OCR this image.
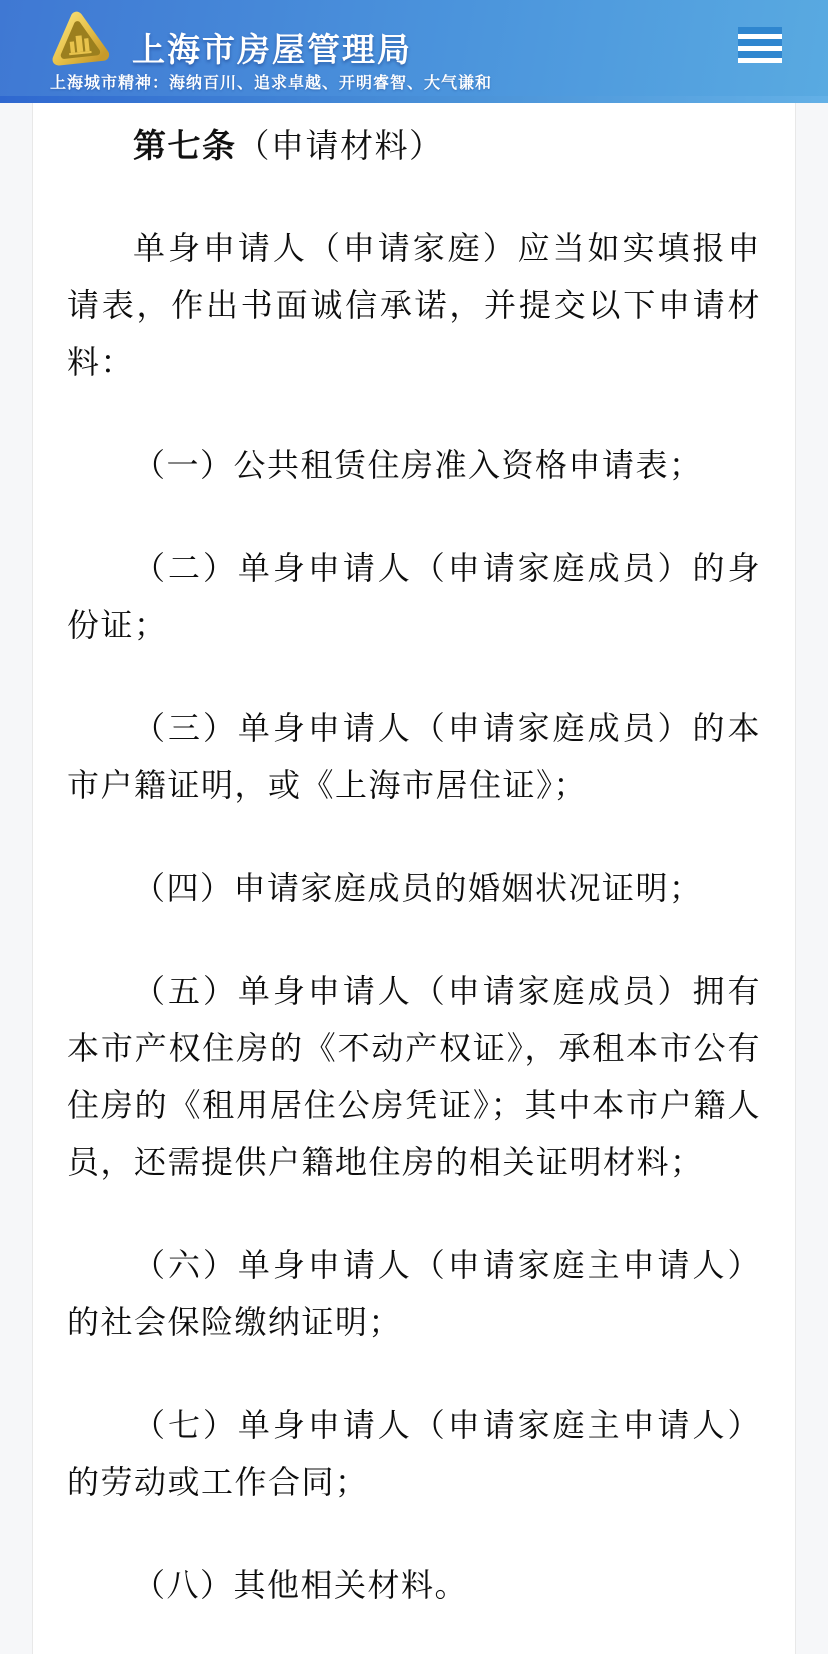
上海市房屋管理局
上海城市精神：海纳百川、追求卓越、开明睿智、大气谦和
第七条（申请材料）

单身申请人（申请家庭）应当如实填报申请表，作出书面诚信承诺，并提交以下申请材料：

（一）公共租赁住房准入资格申请表；

（二）单身申请人（申请家庭成员）的身份证；

（三）单身申请人（申请家庭成员）的本市户籍证明，或《上海市居住证》；

（四）申请家庭成员的婚姻状况证明；

（五）单身申请人（申请家庭成员）拥有本市产权住房的《不动产权证》，承租本市公有住房的《租用居住公房凭证》；其中本市户籍人员，还需提供户籍地住房的相关证明材料；

（六）单身申请人（申请家庭主申请人）的社会保险缴纳证明；

（七）单身申请人（申请家庭主申请人）的劳动或工作合同；

（八）其他相关材料。
